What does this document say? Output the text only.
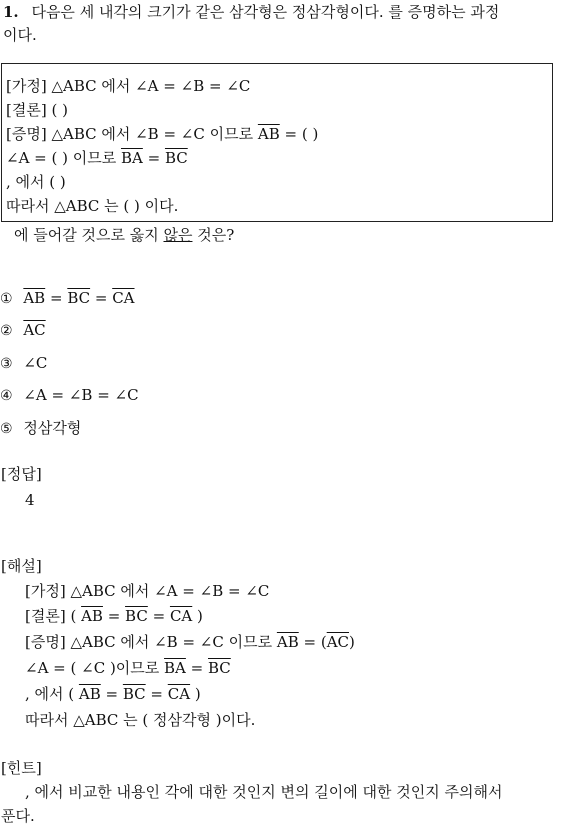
1. 다음은 세 내각의 크기가 같은 삼각형은 정삼각형이다. 를 증명하는 과정
이다.
[가정] △ABC 에서 ∠A = ∠B = ∠C
[결론] ( )
[증명] △ABC 에서 ∠B = ∠C 이므로 $\overline{AB}$ = ( )
∠A = ( ) 이므로 $\overline{BA} = \overline{BC}$
, 에서 ( )
따라서 △ABC 는 ( ) 이다.
에 들어갈 것으로 옳지 않은 것은?
① $\overline{AB} = \overline{BC} = \overline{CA}$
② $\overline{AC}$
③ ∠C
④ ∠A = ∠B = ∠C
⑤ 정삼각형
[정답]
4
[해설]
[가정] △ABC 에서 ∠A = ∠B = ∠C
[결론] ( $\overline{AB} = \overline{BC} = \overline{CA}$ )
[증명] △ABC 에서 ∠B = ∠C 이므로 $\overline{AB} = (\overline{AC})$
∠A = ( ∠C )이므로 $\overline{BA} = \overline{BC}$
, 에서 ( $\overline{AB} = \overline{BC} = \overline{CA}$ )
따라서 △ABC 는 ( 정삼각형 )이다.
[힌트]
, 에서 비교한 내용인 각에 대한 것인지 변의 길이에 대한 것인지 주의해서
푼다.
